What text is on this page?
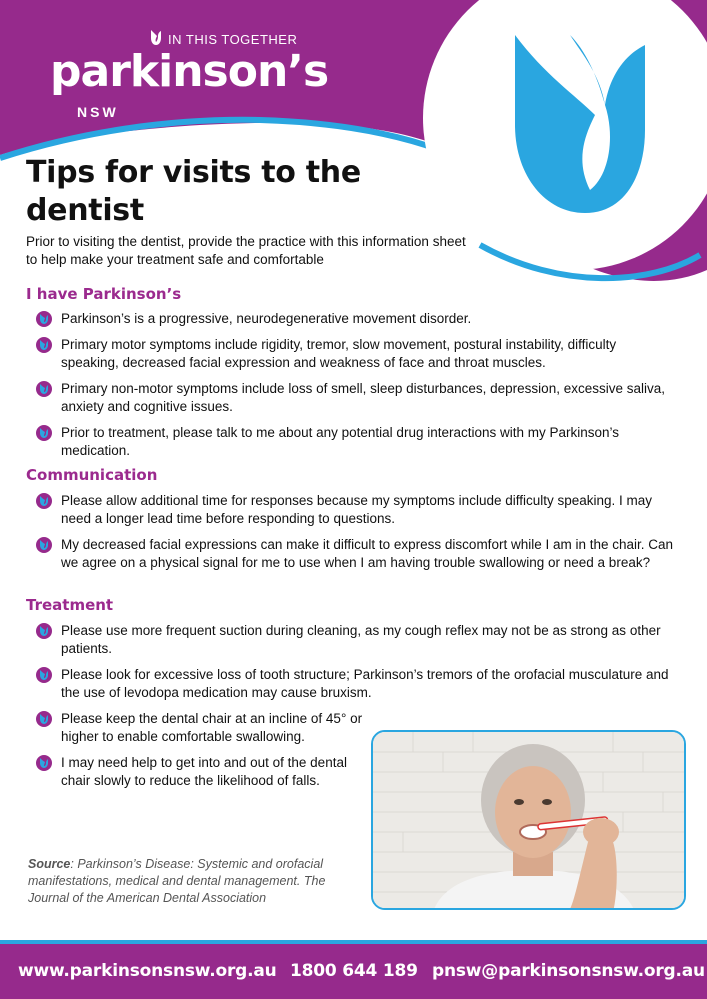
IN THIS TOGETHER
parkinson’s
NSW
Tips for visits to the dentist

Prior to visiting the dentist, provide the practice with this information sheet to help make your treatment safe and comfortable

I have Parkinson’s
Parkinson’s is a progressive, neurodegenerative movement disorder.
Primary motor symptoms include rigidity, tremor, slow movement, postural instability, difficulty speaking, decreased facial expression and weakness of face and throat muscles.
Primary non-motor symptoms include loss of smell, sleep disturbances, depression, excessive saliva, anxiety and cognitive issues.
Prior to treatment, please talk to me about any potential drug interactions with my Parkinson’s medication.
Communication
Please allow additional time for responses because my symptoms include difficulty speaking. I may need a longer lead time before responding to questions.
My decreased facial expressions can make it difficult to express discomfort while I am in the chair. Can we agree on a physical signal for me to use when I am having trouble swallowing or need a break?
Treatment
Please use more frequent suction during cleaning, as my cough reflex may not be as strong as other patients.
Please look for excessive loss of tooth structure; Parkinson’s tremors of the orofacial musculature and the use of levodopa medication may cause bruxism.
Please keep the dental chair at an incline of 45° or higher to enable comfortable swallowing.
I may need help to get into and out of the dental chair slowly to reduce the likelihood of falls.

Source: Parkinson’s Disease: Systemic and orofacial manifestations, medical and dental management. The Journal of the American Dental Association

www.parkinsonsnsw.org.au 1800 644 189 pnsw@parkinsonsnsw.org.au
